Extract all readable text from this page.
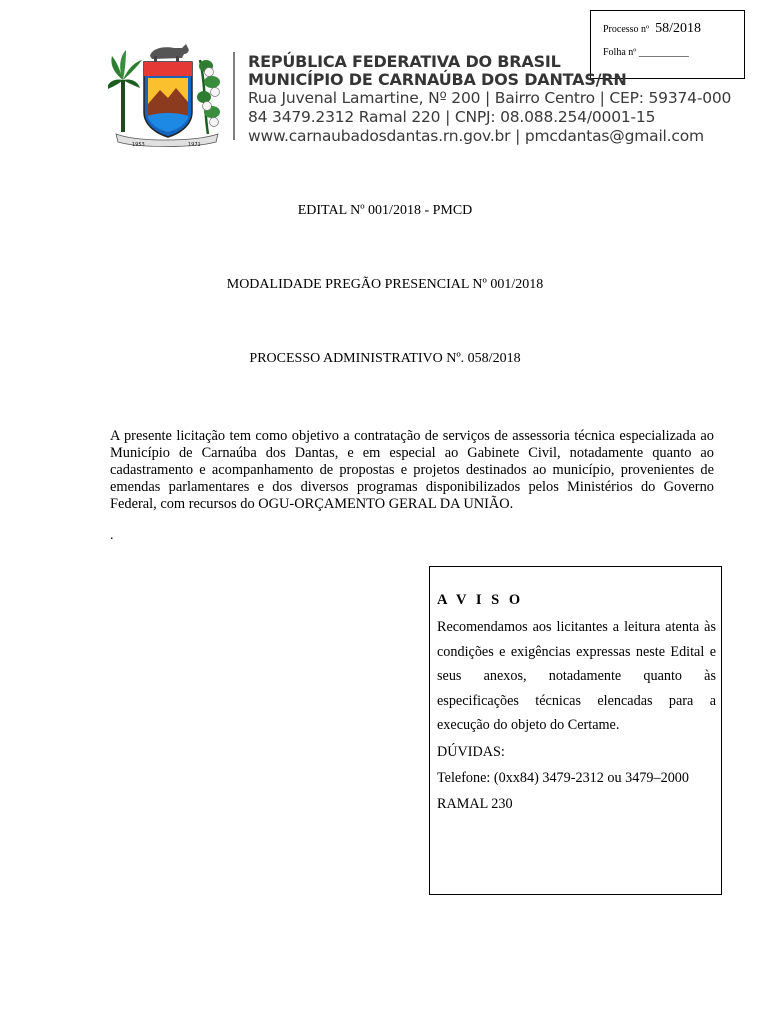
Processo nº 58/2018
Folha nº __________
1953	1971
REPÚBLICA FEDERATIVA DO BRASIL
MUNICÍPIO DE CARNAÚBA DOS DANTAS/RN
Rua Juvenal Lamartine, Nº 200 | Bairro Centro | CEP: 59374-000
84 3479.2312 Ramal 220 | CNPJ: 08.088.254/0001-15
www.carnaubadosdantas.rn.gov.br | pmcdantas@gmail.com
EDITAL Nº 001/2018 - PMCD
MODALIDADE PREGÃO PRESENCIAL Nº 001/2018
PROCESSO ADMINISTRATIVO Nº. 058/2018
A presente licitação tem como objetivo a contratação de serviços de assessoria técnica especializada ao Município de Carnaúba dos Dantas, e em especial ao Gabinete Civil, notadamente quanto ao cadastramento e acompanhamento de propostas e projetos destinados ao município, provenientes de emendas parlamentares e dos diversos programas disponibilizados pelos Ministérios do Governo Federal, com recursos do OGU-ORÇAMENTO GERAL DA UNIÃO.
.
A V I S O
Recomendamos aos licitantes a leitura atenta às condições e exigências expressas neste Edital e seus anexos, notadamente quanto às especificações técnicas elencadas para a execução do objeto do Certame.
DÚVIDAS:
Telefone: (0xx84) 3479-2312 ou 3479–2000
RAMAL 230
